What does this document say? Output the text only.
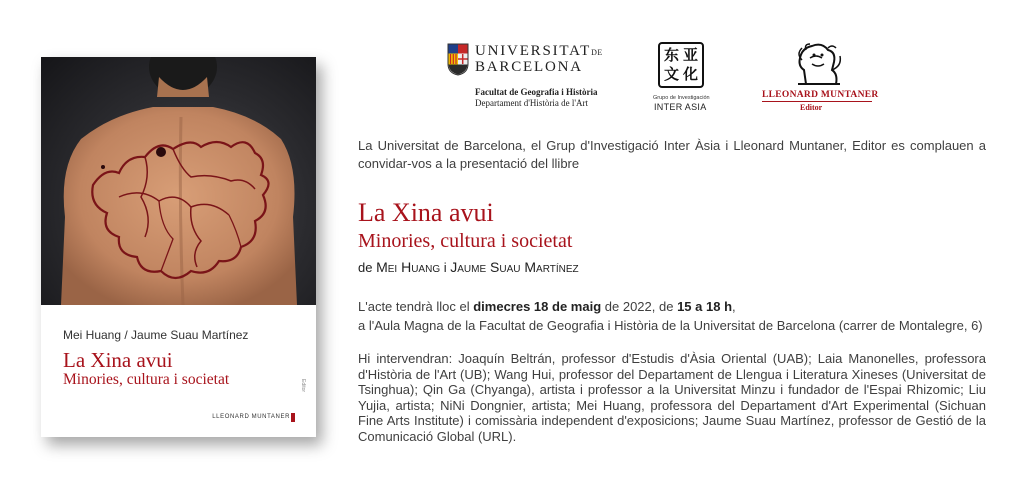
Mei Huang / Jaume Suau Martínez
La Xina avui
Minories, cultura i societat
LLEONARD MUNTANER
Editor
UNIVERSITATDE
BARCELONA
Facultat de Geografia i Història
Departament d'Història de l'Art
东 亚
文 化
Grupo de Investigación
INTER ASIA
LLEONARD MUNTANER
Editor
La Universitat de Barcelona, el Grup d'Investigació Inter Àsia i Lleonard Muntaner, Editor es complauen a convidar-vos a la presentació del llibre
La Xina avui
Minories, cultura i societat
de Mei Huang i Jaume Suau Martínez
L'acte tendrà lloc el dimecres 18 de maig de 2022, de 15 a 18 h,
a l'Aula Magna de la Facultat de Geografia i Història de la Universitat de Barcelona (carrer de Montalegre, 6)
Hi intervendran: Joaquín Beltrán, professor d'Estudis d'Àsia Oriental (UAB); Laia Manonelles, professora d'Història de l'Art (UB); Wang Hui, professor del Departament de Llengua i Literatura Xineses (Universitat de Tsinghua); Qin Ga (Chyanga), artista i professor a la Universitat Minzu i fundador de l'Espai Rhizomic; Liu Yujia, artista; NiNi Dongnier, artista; Mei Huang, professora del Departament d'Art Experimental (Sichuan Fine Arts Institute) i comissària independent d'exposicions; Jaume Suau Martínez, professor de Gestió de la Comunicació Global (URL).
